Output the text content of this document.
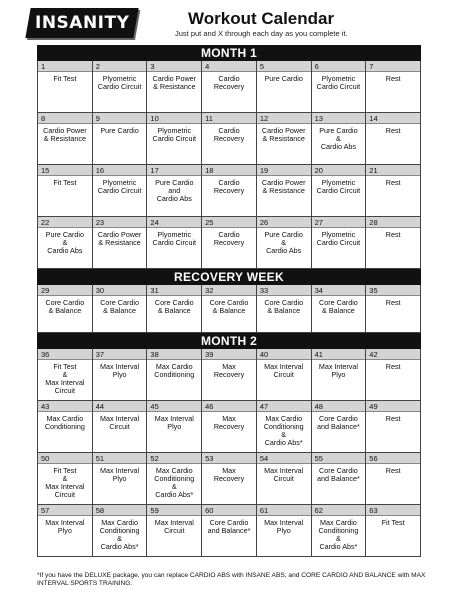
INSANITY	Workout Calendar
Just put and X through each day as you complete it.
MONTH 1
1
Fit Test
2
Plyometric
Cardio Circuit
3
Cardio Power
& Resistance
4
Cardio
Recovery
5
Pure Cardio
6
Plyometric
Cardio Circuit
7
Rest
8
Cardio Power
& Resistance
9
Pure Cardio
10
Plyometric
Cardio Circuit
11
Cardio
Recovery
12
Cardio Power
& Resistance
13
Pure Cardio
&
Cardio Abs
14
Rest
15
Fit Test
16
Plyometric
Cardio Circuit
17
Pure Cardio
and
Cardio Abs
18
Cardio
Recovery
19
Cardio Power
& Resistance
20
Plyometric
Cardio Circuit
21
Rest
22
Pure Cardio
&
Cardio Abs
23
Cardio Power
& Resistance
24
Plyometric
Cardio Circuit
25
Cardio
Recovery
26
Pure Cardio
&
Cardio Abs
27
Plyometric
Cardio Circuit
28
Rest
RECOVERY WEEK
29
Core Cardio
& Balance
30
Core Cardio
& Balance
31
Core Cardio
& Balance
32
Core Cardio
& Balance
33
Core Cardio
& Balance
34
Core Cardio
& Balance
35
Rest
MONTH 2
36
Fit Test
&
Max Interval
Circuit
37
Max Interval
Plyo
38
Max Cardio
Conditioning
39
Max
Recovery
40
Max Interval
Circuit
41
Max Interval
Plyo
42
Rest
43
Max Cardio
Conditioning
44
Max Interval
Circuit
45
Max Interval
Plyo
46
Max
Recovery
47
Max Cardio
Conditioning
&
Cardio Abs*
48
Core Cardio
and Balance*
49
Rest
50
Fit Test
&
Max Interval
Circuit
51
Max Interval
Plyo
52
Max Cardio
Conditioning
&
Cardio Abs*
53
Max
Recovery
54
Max Interval
Circuit
55
Core Cardio
and Balance*
56
Rest
57
Max Interval
Plyo
58
Max Cardio
Conditioning
&
Cardio Abs*
59
Max Interval
Circuit
60
Core Cardio
and Balance*
61
Max Interval
Plyo
62
Max Cardio
Conditioning
&
Cardio Abs*
63
Fit Test
*If you have the DELUXE package, you can replace CARDIO ABS with INSANE ABS, and CORE CARDIO AND BALANCE with MAX INTERVAL SPORTS TRAINING.
